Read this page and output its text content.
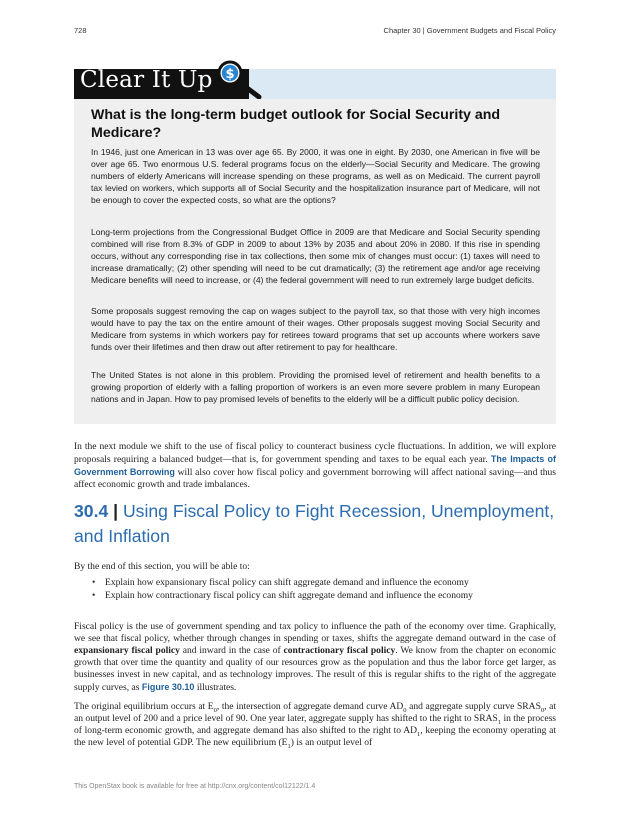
728	Chapter 30 | Government Budgets and Fiscal Policy
Clear It Up $
What is the long-term budget outlook for Social Security and Medicare?

In 1946, just one American in 13 was over age 65. By 2000, it was one in eight. By 2030, one American in five will be over age 65. Two enormous U.S. federal programs focus on the elderly—Social Security and Medicare. The growing numbers of elderly Americans will increase spending on these programs, as well as on Medicaid. The current payroll tax levied on workers, which supports all of Social Security and the hospitalization insurance part of Medicare, will not be enough to cover the expected costs, so what are the options?

Long-term projections from the Congressional Budget Office in 2009 are that Medicare and Social Security spending combined will rise from 8.3% of GDP in 2009 to about 13% by 2035 and about 20% in 2080. If this rise in spending occurs, without any corresponding rise in tax collections, then some mix of changes must occur: (1) taxes will need to increase dramatically; (2) other spending will need to be cut dramatically; (3) the retirement age and/or age receiving Medicare benefits will need to increase, or (4) the federal government will need to run extremely large budget deficits.

Some proposals suggest removing the cap on wages subject to the payroll tax, so that those with very high incomes would have to pay the tax on the entire amount of their wages. Other proposals suggest moving Social Security and Medicare from systems in which workers pay for retirees toward programs that set up accounts where workers save funds over their lifetimes and then draw out after retirement to pay for healthcare.

The United States is not alone in this problem. Providing the promised level of retirement and health benefits to a growing proportion of elderly with a falling proportion of workers is an even more severe problem in many European nations and in Japan. How to pay promised levels of benefits to the elderly will be a difficult public policy decision.

In the next module we shift to the use of fiscal policy to counteract business cycle fluctuations. In addition, we will explore proposals requiring a balanced budget—that is, for government spending and taxes to be equal each year. The Impacts of Government Borrowing will also cover how fiscal policy and government borrowing will affect national saving—and thus affect economic growth and trade imbalances.

30.4 | Using Fiscal Policy to Fight Recession, Unemployment, and Inflation

By the end of this section, you will be able to:

• Explain how expansionary fiscal policy can shift aggregate demand and influence the economy
• Explain how contractionary fiscal policy can shift aggregate demand and influence the economy

Fiscal policy is the use of government spending and tax policy to influence the path of the economy over time. Graphically, we see that fiscal policy, whether through changes in spending or taxes, shifts the aggregate demand outward in the case of expansionary fiscal policy and inward in the case of contractionary fiscal policy. We know from the chapter on economic growth that over time the quantity and quality of our resources grow as the population and thus the labor force get larger, as businesses invest in new capital, and as technology improves. The result of this is regular shifts to the right of the aggregate supply curves, as Figure 30.10 illustrates.

The original equilibrium occurs at $E_0$, the intersection of aggregate demand curve $AD_0$ and aggregate supply curve $SRAS_0$, at an output level of 200 and a price level of 90. One year later, aggregate supply has shifted to the right to $SRAS_1$ in the process of long-term economic growth, and aggregate demand has also shifted to the right to $AD_1$, keeping the economy operating at the new level of potential GDP. The new equilibrium $(E_1)$ is an output level of

This OpenStax book is available for free at http://cnx.org/content/col12122/1.4
